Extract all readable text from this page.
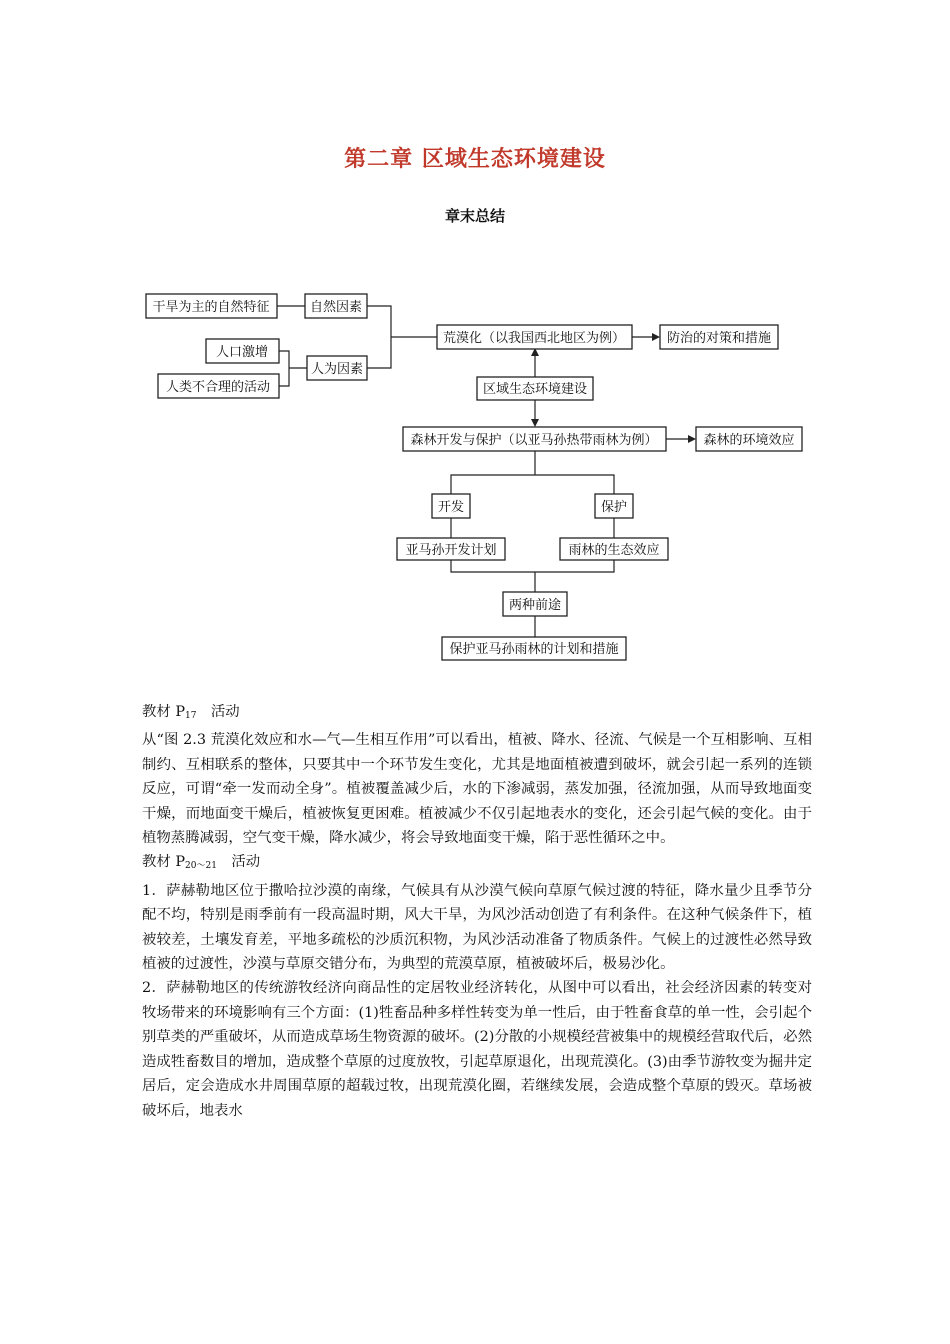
第二章 区域生态环境建设
章末总结
干旱为主的自然特征	自然因素
人口激增
人类不合理的活动
人为因素
荒漠化（以我国西北地区为例）	防治的对策和措施
区域生态环境建设
森林开发与保护（以亚马孙热带雨林为例）	森林的环境效应
开发	保护
亚马孙开发计划	雨林的生态效应
两种前途
保护亚马孙雨林的计划和措施

教材 $P_{17}$　活动

从“图 2.3 荒漠化效应和水—气—生相互作用”可以看出，植被、降水、径流、气候是一个互相影响、互相制约、互相联系的整体，只要其中一个环节发生变化，尤其是地面植被遭到破坏，就会引起一系列的连锁反应，可谓“牵一发而动全身”。植被覆盖减少后，水的下渗减弱，蒸发加强，径流加强，从而导致地面变干燥，而地面变干燥后，植被恢复更困难。植被减少不仅引起地表水的变化，还会引起气候的变化。由于植物蒸腾减弱，空气变干燥，降水减少，将会导致地面变干燥，陷于恶性循环之中。

教材 $P_{20\sim 21}$　活动

1．萨赫勒地区位于撒哈拉沙漠的南缘，气候具有从沙漠气候向草原气候过渡的特征，降水量少且季节分配不均，特别是雨季前有一段高温时期，风大干旱，为风沙活动创造了有利条件。在这种气候条件下，植被较差，土壤发育差，平地多疏松的沙质沉积物，为风沙活动准备了物质条件。气候上的过渡性必然导致植被的过渡性，沙漠与草原交错分布，为典型的荒漠草原，植被破坏后，极易沙化。

2．萨赫勒地区的传统游牧经济向商品性的定居牧业经济转化，从图中可以看出，社会经济因素的转变对牧场带来的环境影响有三个方面：(1)牲畜品种多样性转变为单一性后，由于牲畜食草的单一性，会引起个别草类的严重破坏，从而造成草场生物资源的破坏。(2)分散的小规模经营被集中的规模经营取代后，必然造成牲畜数目的增加，造成整个草原的过度放牧，引起草原退化，出现荒漠化。(3)由季节游牧变为掘井定居后，定会造成水井周围草原的超载过牧，出现荒漠化圈，若继续发展，会造成整个草原的毁灭。草场被破坏后，地表水
